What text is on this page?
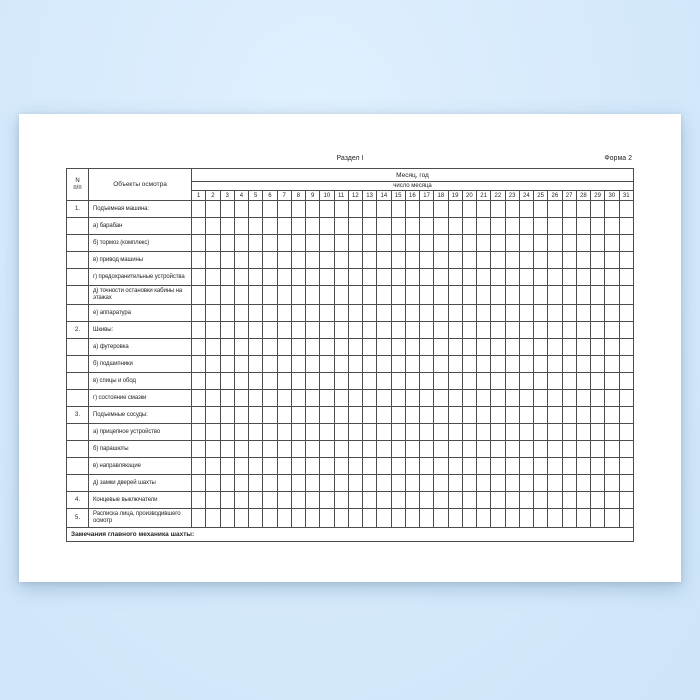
Раздел I	Форма 2
N
п/п	Объекты осмотра	Месяц, год																														
		число месяца																														
		1	2	3	4	5	6	7	8	9	10	11	12	13	14	15	16	17	18	19	20	21	22	23	24	25	26	27	28	29	30	31
1.	Подъемная машина:																															
	а) барабан																															
	б) тормоз (комплекс)																															
	в) привод машины																															
	г) предохранительные устройства																															
	д) точности остановки кабины на этажах																															
	е) аппаратура																															
2.	Шкивы:																															
	а) футеровка																															
	б) подшипники																															
	в) спицы и обод																															
	г) состояние смазки																															
3.	Подъемные сосуды:																															
	а) прицепное устройство																															
	б) парашюты																															
	в) направляющие																															
	д) замки дверей шахты																															
4.	Концевые выключатели																															
5.	Расписка лица, производившего осмотр																															
Замечания главного механика шахты:																																
